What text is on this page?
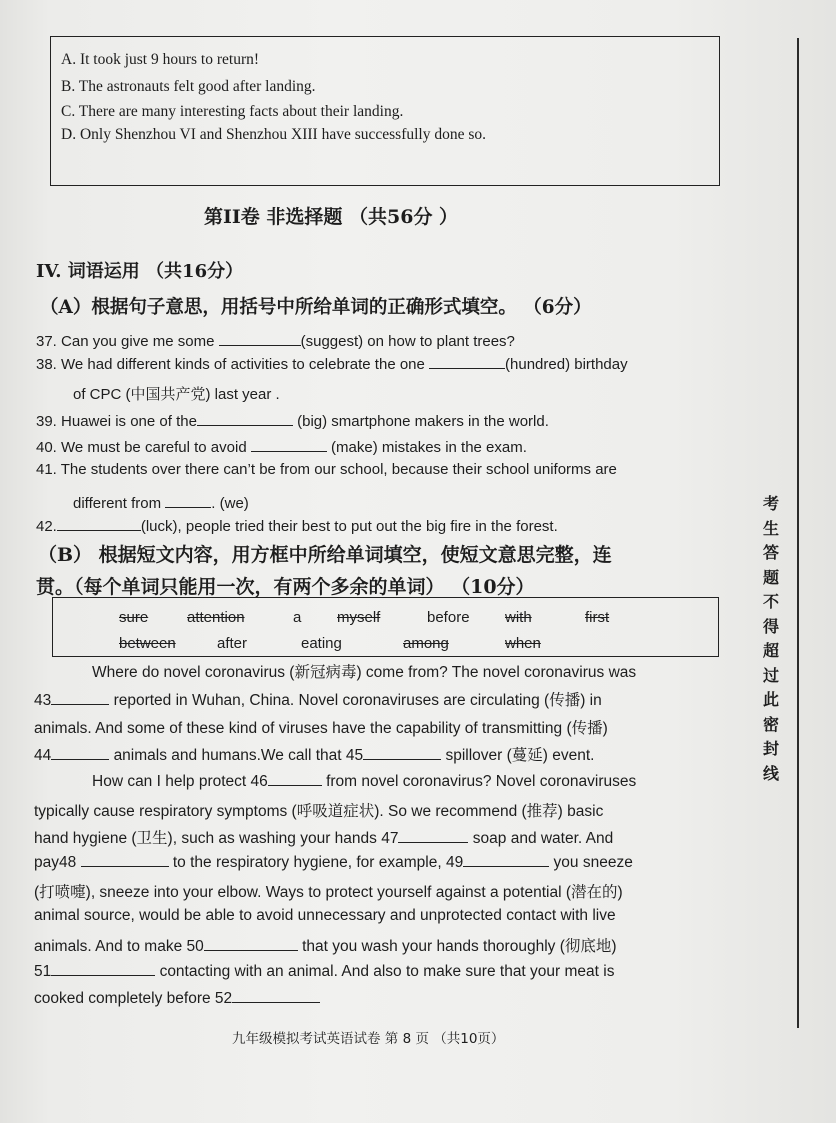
A. It took just 9 hours to return!
B. The astronauts felt good after landing.
C. There are many interesting facts about their landing.
D. Only Shenzhou VI and Shenzhou XIII have successfully done so.
第II卷 非选择题 （共56分 ）
IV. 词语运用 （共16分）
（A）根据句子意思，用括号中所给单词的正确形式填空。 （6分）
37. Can you give me some	(suggest) on how to plant trees?
38. We had different kinds of activities to celebrate the one	(hundred) birthday
of CPC (中国共产党) last year .
39. Huawei is one of the	(big) smartphone makers in the world.
40. We must be careful to avoid	(make) mistakes in the exam.
41. The students over there can’t be from our school, because their school uniforms are
different from	. (we)
42.	(luck), people tried their best to put out the big fire in the forest.
（B） 根据短文内容，用方框中所给单词填空，使短文意思完整，连
贯。（每个单词只能用一次，有两个多余的单词） （10分）
sure	attention	a myself	before with	first
between	after	eating	among	when
Where do novel coronavirus (新冠病毒) come from? The novel coronavirus was
43	reported in Wuhan, China. Novel coronaviruses are circulating (传播) in
animals. And some of these kind of viruses have the capability of transmitting (传播)
44	animals and humans.We call that 45	spillover (蔓延) event.
How can I help protect 46	from novel coronavirus? Novel coronaviruses
typically cause respiratory symptoms (呼吸道症状). So we recommend (推荐) basic
hand hygiene (卫生), such as washing your hands 47	soap and water. And
pay48	to the respiratory hygiene, for example, 49	you sneeze
(打喷嚏), sneeze into your elbow. Ways to protect yourself against a potential (潜在的)
animal source, would be able to avoid unnecessary and unprotected contact with live
animals. And to make 50	that you wash your hands thoroughly (彻底地)
51	contacting with an animal. And also to make sure that your meat is
cooked completely before 52
九年级模拟考试英语试卷 第 8 页 （共10页）
考生答题不得超过此密封线
